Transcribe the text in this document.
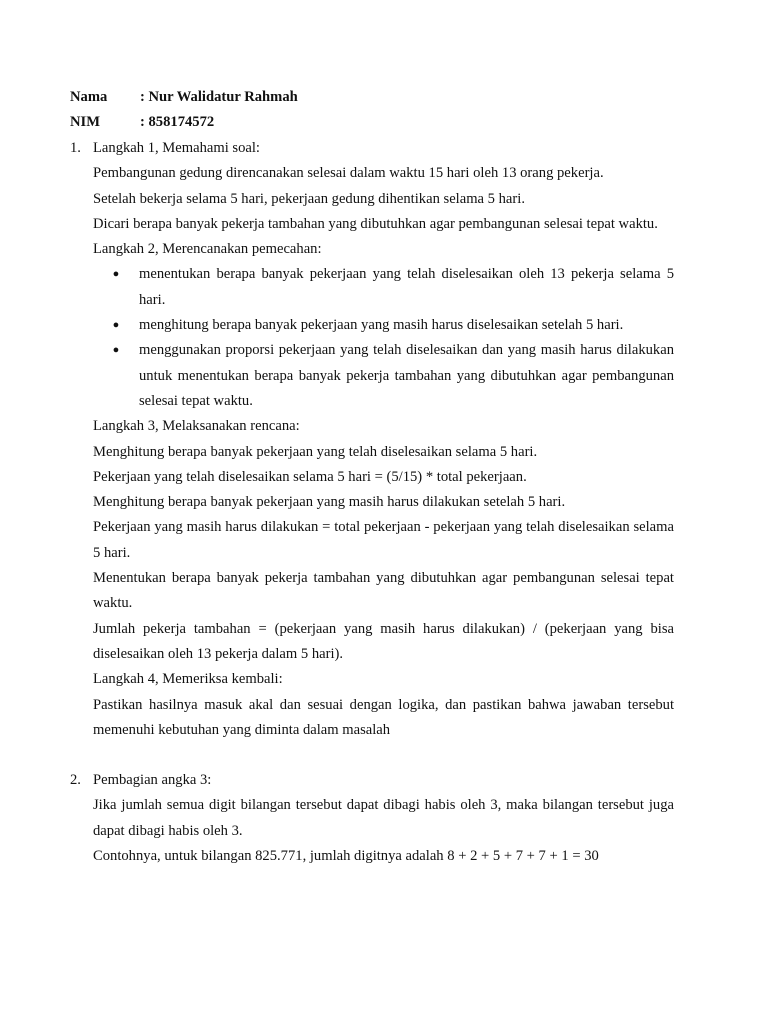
Nama	: Nur Walidatur Rahmah
NIM	: 858174572
1. Langkah 1, Memahami soal:

Pembangunan gedung direncanakan selesai dalam waktu 15 hari oleh 13 orang pekerja.

Setelah bekerja selama 5 hari, pekerjaan gedung dihentikan selama 5 hari.

Dicari berapa banyak pekerja tambahan yang dibutuhkan agar pembangunan selesai tepat waktu.

Langkah 2, Merencanakan pemecahan:

●	menentukan berapa banyak pekerjaan yang telah diselesaikan oleh 13 pekerja selama 5 hari.
●	menghitung berapa banyak pekerjaan yang masih harus diselesaikan setelah 5 hari.
●	menggunakan proporsi pekerjaan yang telah diselesaikan dan yang masih harus dilakukan untuk menentukan berapa banyak pekerja tambahan yang dibutuhkan agar pembangunan selesai tepat waktu.

Langkah 3, Melaksanakan rencana:

Menghitung berapa banyak pekerjaan yang telah diselesaikan selama 5 hari.

Pekerjaan yang telah diselesaikan selama 5 hari = (5/15) * total pekerjaan.

Menghitung berapa banyak pekerjaan yang masih harus dilakukan setelah 5 hari.

Pekerjaan yang masih harus dilakukan = total pekerjaan - pekerjaan yang telah diselesaikan selama 5 hari.

Menentukan berapa banyak pekerja tambahan yang dibutuhkan agar pembangunan selesai tepat waktu.

Jumlah pekerja tambahan = (pekerjaan yang masih harus dilakukan) / (pekerjaan yang bisa diselesaikan oleh 13 pekerja dalam 5 hari).

Langkah 4, Memeriksa kembali:

Pastikan hasilnya masuk akal dan sesuai dengan logika, dan pastikan bahwa jawaban tersebut memenuhi kebutuhan yang diminta dalam masalah

2. Pembagian angka 3:

Jika jumlah semua digit bilangan tersebut dapat dibagi habis oleh 3, maka bilangan tersebut juga dapat dibagi habis oleh 3.

Contohnya, untuk bilangan 825.771, jumlah digitnya adalah 8 + 2 + 5 + 7 + 7 + 1 = 30
